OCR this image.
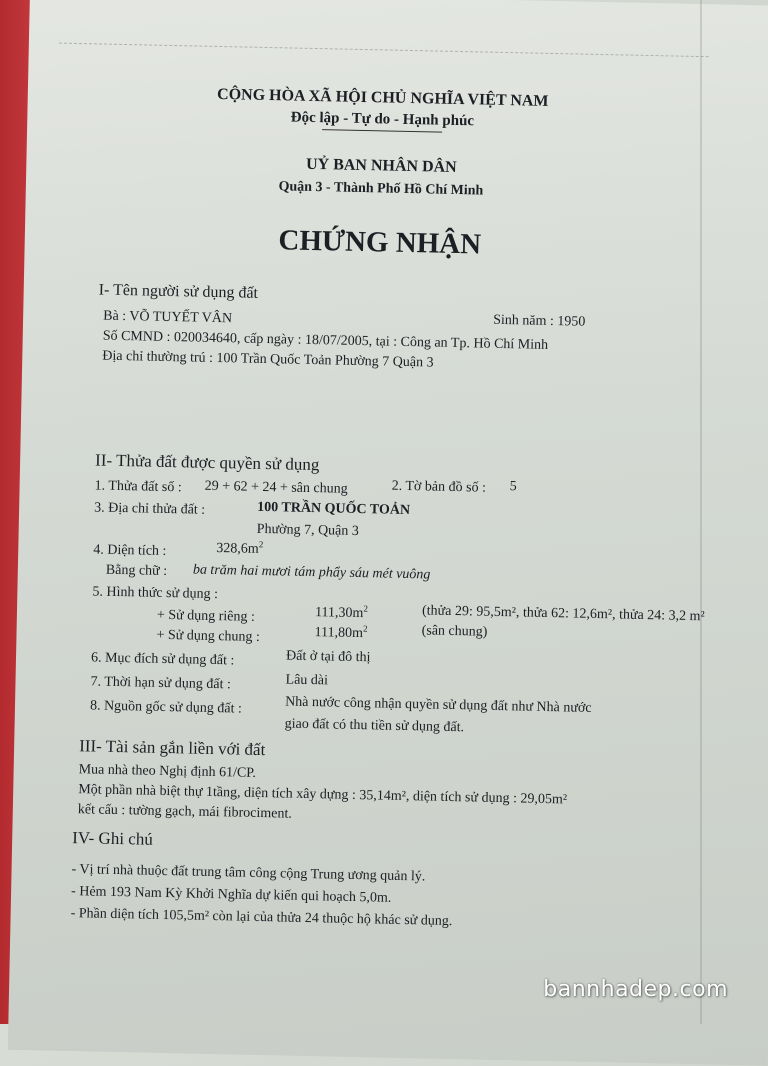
CỘNG HÒA XÃ HỘI CHỦ NGHĨA VIỆT NAM
Độc lập - Tự do - Hạnh phúc
UỶ BAN NHÂN DÂN
Quận 3 - Thành Phố Hồ Chí Minh
CHỨNG NHẬN
I- Tên người sử dụng đất
Bà : VÕ TUYẾT VÂN	Sinh năm : 1950
Số CMND : 020034640, cấp ngày : 18/07/2005, tại : Công an Tp. Hồ Chí Minh
Địa chỉ thường trú : 100 Trần Quốc Toản Phường 7 Quận 3
II- Thửa đất được quyền sử dụng
1. Thửa đất số : 29 + 62 + 24 + sân chung	2. Tờ bản đồ số : 5
3. Địa chỉ thửa đất :	100 TRẦN QUỐC TOẢN
Phường 7, Quận 3
4. Diện tích :	$328,6m^2$
Bằng chữ : ba trăm hai mươi tám phẩy sáu mét vuông
5. Hình thức sử dụng :
+ Sử dụng riêng :	$111,30m^2$	(thửa 29: 95,5m², thửa 62: 12,6m², thửa 24: 3,2 m²
+ Sử dụng chung :	$111,80m^2$	(sân chung)
6. Mục đích sử dụng đất :	Đất ở tại đô thị
7. Thời hạn sử dụng đất :	Lâu dài
8. Nguồn gốc sử dụng đất :	Nhà nước công nhận quyền sử dụng đất như Nhà nước
giao đất có thu tiền sử dụng đất.
III- Tài sản gắn liền với đất
Mua nhà theo Nghị định 61/CP.
Một phần nhà biệt thự 1tầng, diện tích xây dựng : 35,14m², diện tích sử dụng : 29,05m²
kết cấu : tường gạch, mái fibrociment.
IV- Ghi chú
- Vị trí nhà thuộc đất trung tâm công cộng Trung ương quản lý.
- Hẻm 193 Nam Kỳ Khởi Nghĩa dự kiến qui hoạch 5,0m.
- Phần diện tích 105,5m² còn lại của thửa 24 thuộc hộ khác sử dụng.
bannhadep.com
